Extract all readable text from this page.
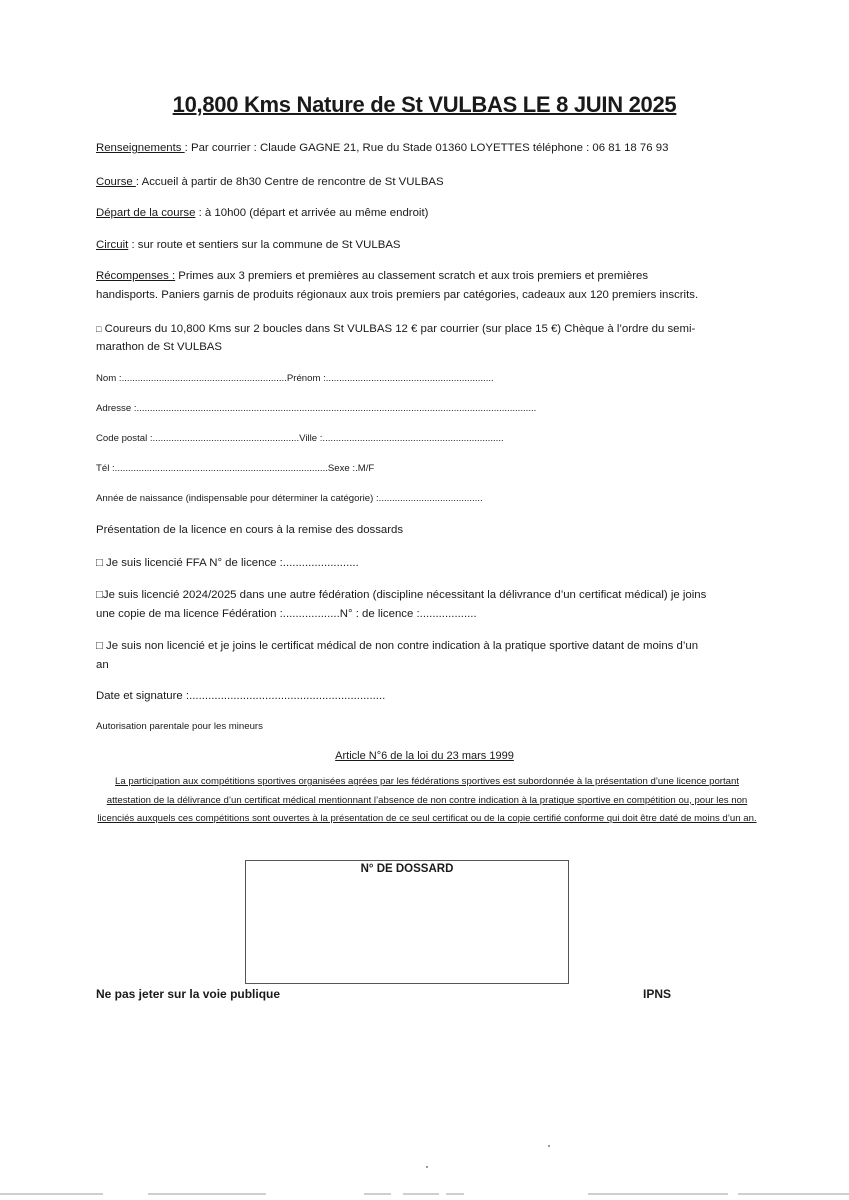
10,800 Kms Nature de St VULBAS LE 8 JUIN 2025
Renseignements : Par courrier : Claude GAGNE 21, Rue du Stade 01360 LOYETTES téléphone : 06 81 18 76 93
Course : Accueil à partir de 8h30 Centre de rencontre de St VULBAS
Départ de la course : à 10h00 (départ et arrivée au même endroit)
Circuit : sur route et sentiers sur la commune de St VULBAS
Récompenses : Primes aux 3 premiers et premières au classement scratch et aux trois premiers et premières
handisports. Paniers garnis de produits régionaux aux trois premiers par catégories, cadeaux aux 120 premiers inscrits.
□ Coureurs du 10,800 Kms sur 2 boucles dans St VULBAS 12 € par courrier (sur place 15 €) Chèque à l’ordre du semi-
marathon de St VULBAS
Nom :..............................................................Prénom :...............................................................
Adresse :......................................................................................................................................................
Code postal :.......................................................Ville :....................................................................
Tél :................................................................................Sexe :.M/F
Année de naissance (indispensable pour déterminer la catégorie) :.......................................
Présentation de la licence en cours à la remise des dossards
□ Je suis licencié FFA N° de licence :........................
□Je suis licencié 2024/2025 dans une autre fédération (discipline nécessitant la délivrance d’un certificat médical) je joins
une copie de ma licence Fédération :..................N° : de licence :..................
□ Je suis non licencié et je joins le certificat médical de non contre indication à la pratique sportive datant de moins d’un
an
Date et signature :..............................................................
Autorisation parentale pour les mineurs
Article N°6 de la loi du 23 mars 1999
La participation aux compétitions sportives organisées agrées par les fédérations sportives est subordonnée à la présentation d’une licence portant attestation de la délivrance d’un certificat médical mentionnant l’absence de non contre indication à la pratique sportive en compétition ou, pour les non licenciés auxquels ces compétitions sont ouvertes à la présentation de ce seul certificat ou de la copie certifié conforme qui doit être daté de moins d’un an.
N° DE DOSSARD
Ne pas jeter sur la voie publique	IPNS
